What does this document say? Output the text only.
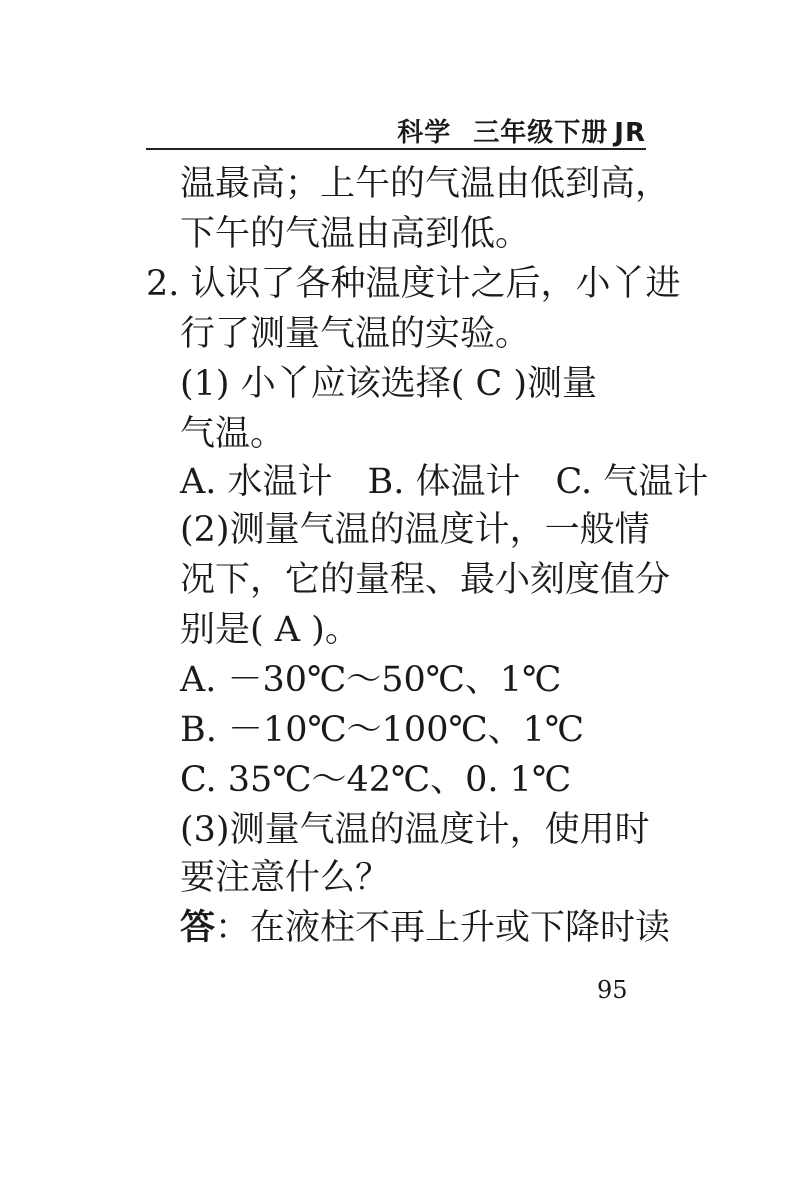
科学 三年级下册 JR
温最高；上午的气温由低到高，
下午的气温由高到低。
2. 认识了各种温度计之后，小丫进
行了测量气温的实验。
(1) 小丫应该选择( C )测量
气温。
A. 水温计　B. 体温计　C. 气温计
(2)测量气温的温度计，一般情
况下，它的量程、最小刻度值分
别是( A )。
A. －30℃～50℃、1℃
B. －10℃～100℃、1℃
C. 35℃～42℃、0. 1℃
(3)测量气温的温度计，使用时
要注意什么？
答：在液柱不再上升或下降时读
95
